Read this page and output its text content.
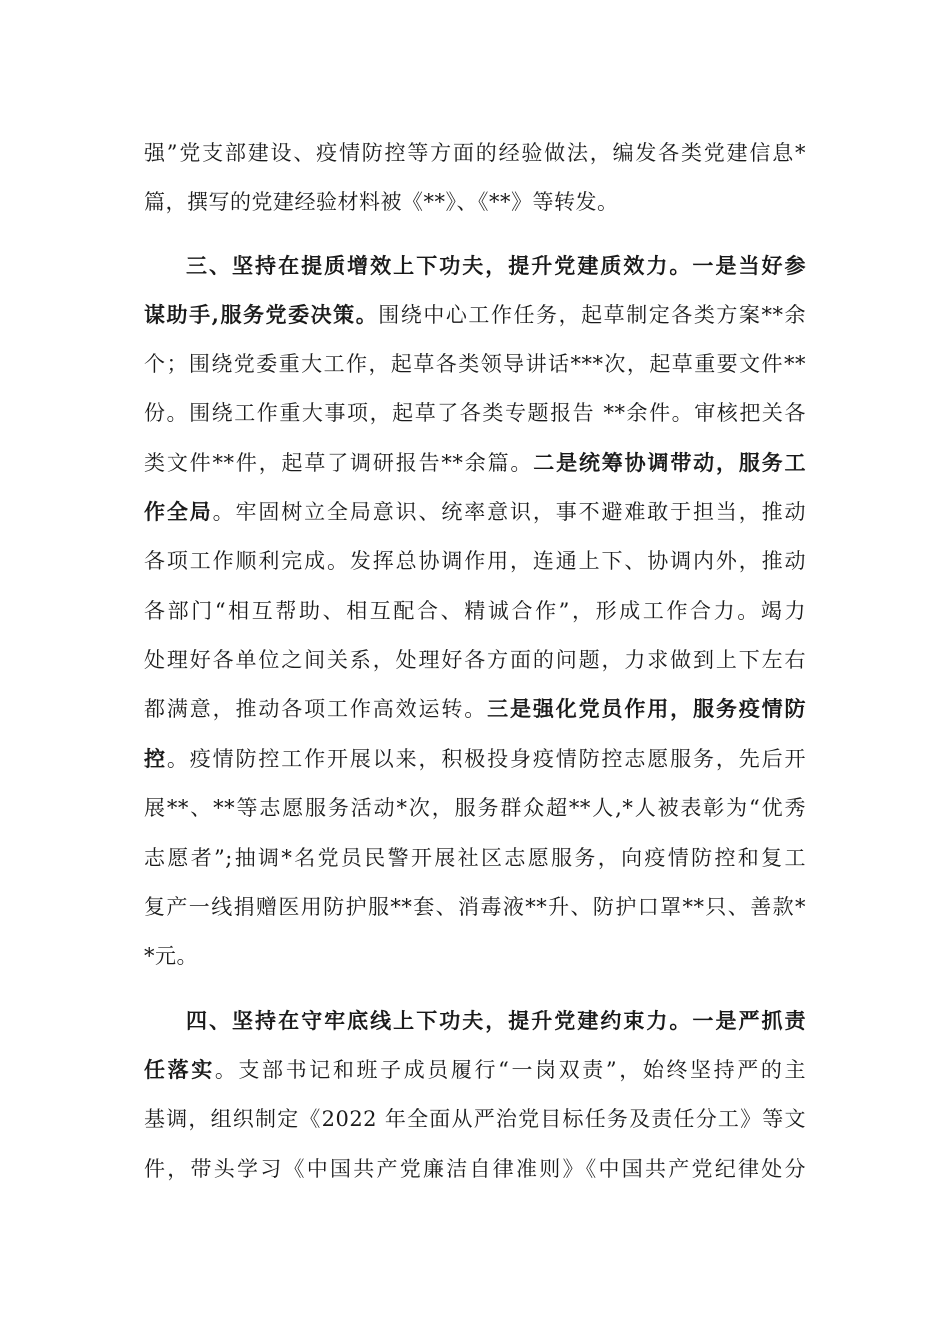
强”党支部建设、疫情防控等方面的经验做法，编发各类党建信息*
篇，撰写的党建经验材料被《**》、《**》等转发。
三、坚持在提质增效上下功夫，提升党建质效力。一是当好参
谋助手,服务党委决策。围绕中心工作任务，起草制定各类方案**余
个；围绕党委重大工作，起草各类领导讲话***次，起草重要文件**
份。围绕工作重大事项，起草了各类专题报告 **余件。审核把关各
类文件**件，起草了调研报告**余篇。二是统筹协调带动，服务工
作全局。牢固树立全局意识、统率意识，事不避难敢于担当，推动
各项工作顺利完成。发挥总协调作用，连通上下、协调内外，推动
各部门“相互帮助、相互配合、精诚合作”，形成工作合力。竭力
处理好各单位之间关系，处理好各方面的问题，力求做到上下左右
都满意，推动各项工作高效运转。三是强化党员作用，服务疫情防
控。疫情防控工作开展以来，积极投身疫情防控志愿服务，先后开
展**、**等志愿服务活动*次，服务群众超**人,*人被表彰为“优秀
志愿者”;抽调*名党员民警开展社区志愿服务，向疫情防控和复工
复产一线捐赠医用防护服**套、消毒液**升、防护口罩**只、善款*
*元。
四、坚持在守牢底线上下功夫，提升党建约束力。一是严抓责
任落实。支部书记和班子成员履行“一岗双责”，始终坚持严的主
基调，组织制定《2022 年全面从严治党目标任务及责任分工》等文
件，带头学习《中国共产党廉洁自律准则》《中国共产党纪律处分
